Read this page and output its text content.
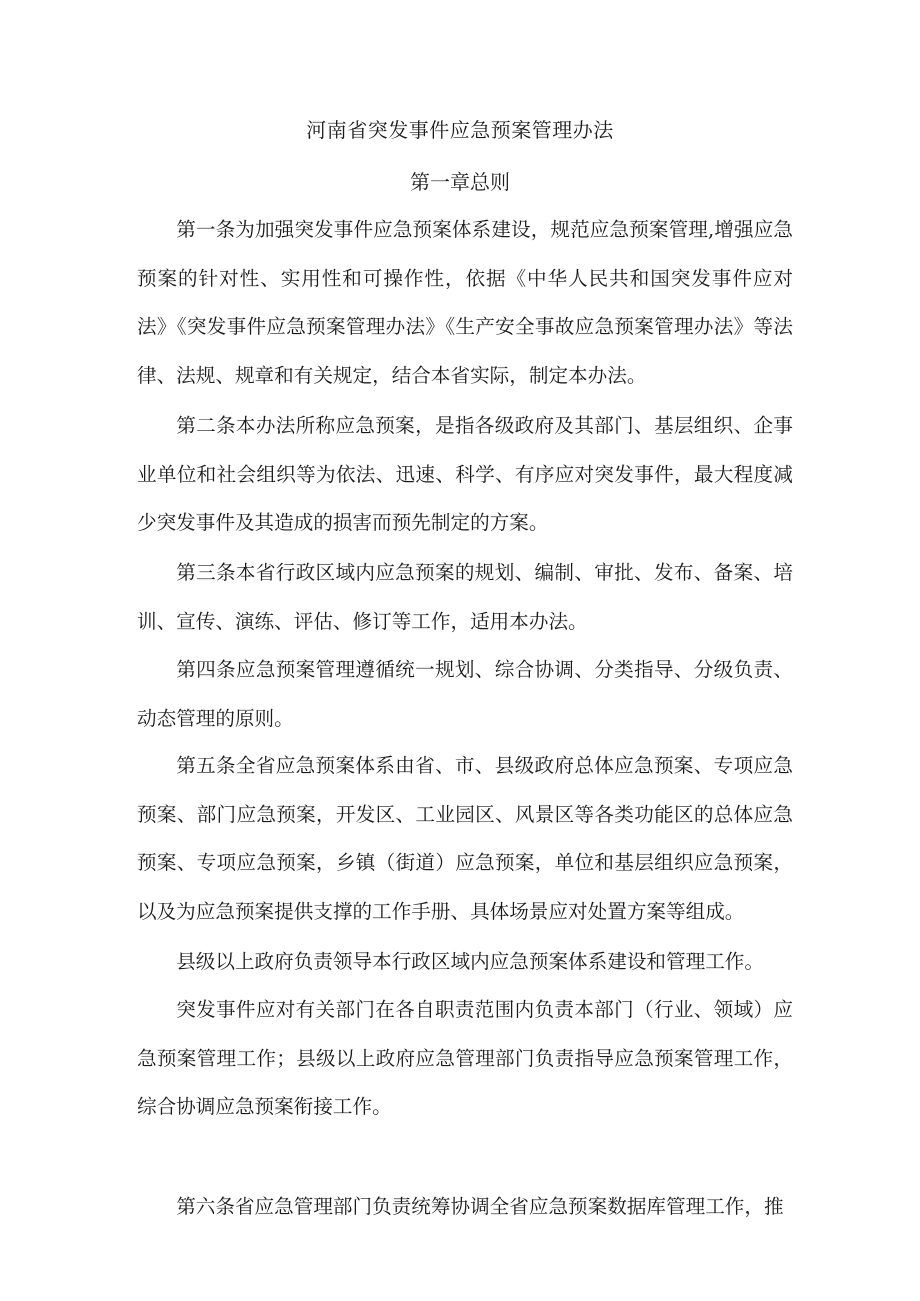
河南省突发事件应急预案管理办法
第一章总则

第一条为加强突发事件应急预案体系建设，规范应急预案管理,增强应急预案的针对性、实用性和可操作性，依据《中华人民共和国突发事件应对法》《突发事件应急预案管理办法》《生产安全事故应急预案管理办法》等法律、法规、规章和有关规定，结合本省实际，制定本办法。

第二条本办法所称应急预案，是指各级政府及其部门、基层组织、企事业单位和社会组织等为依法、迅速、科学、有序应对突发事件，最大程度减少突发事件及其造成的损害而预先制定的方案。

第三条本省行政区域内应急预案的规划、编制、审批、发布、备案、培训、宣传、演练、评估、修订等工作，适用本办法。

第四条应急预案管理遵循统一规划、综合协调、分类指导、分级负责、动态管理的原则。

第五条全省应急预案体系由省、市、县级政府总体应急预案、专项应急预案、部门应急预案，开发区、工业园区、风景区等各类功能区的总体应急预案、专项应急预案，乡镇（街道）应急预案，单位和基层组织应急预案，以及为应急预案提供支撑的工作手册、具体场景应对处置方案等组成。

县级以上政府负责领导本行政区域内应急预案体系建设和管理工作。

突发事件应对有关部门在各自职责范围内负责本部门（行业、领域）应急预案管理工作；县级以上政府应急管理部门负责指导应急预案管理工作，综合协调应急预案衔接工作。

第六条省应急管理部门负责统筹协调全省应急预案数据库管理工作，推
